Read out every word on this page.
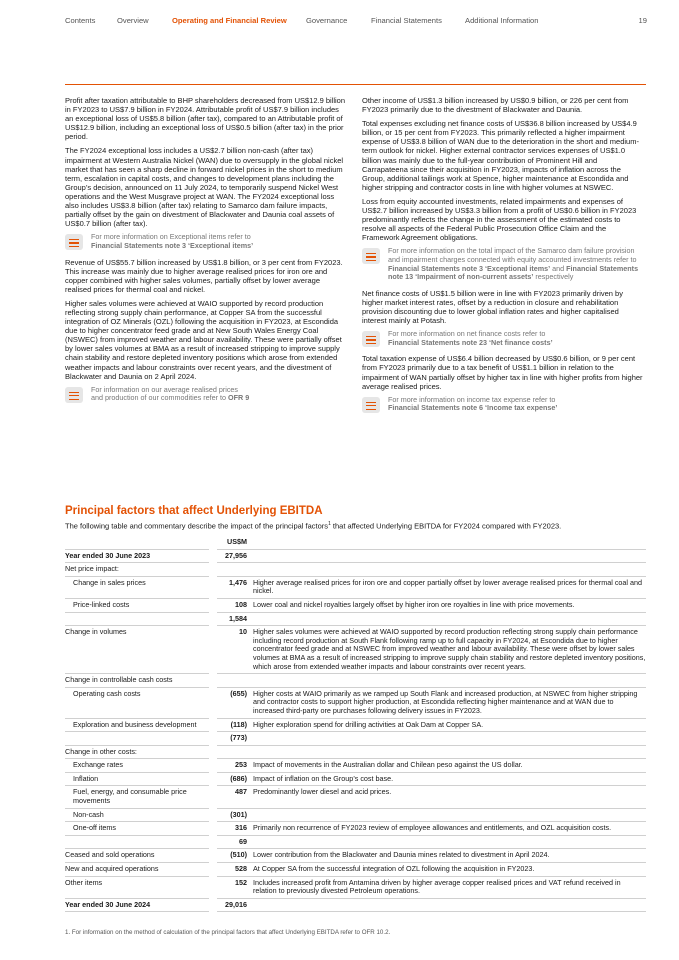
Contents	Overview	Operating and Financial Review	Governance	Financial Statements	Additional Information	19

Profit after taxation attributable to BHP shareholders decreased from US$12.9 billion in FY2023 to US$7.9 billion in FY2024. Attributable profit of US$7.9 billion includes an exceptional loss of US$5.8 billion (after tax), compared to an Attributable profit of US$12.9 billion, including an exceptional loss of US$0.5 billion (after tax) in the prior period.

The FY2024 exceptional loss includes a US$2.7 billion non-cash (after tax) impairment at Western Australia Nickel (WAN) due to oversupply in the global nickel market that has seen a sharp decline in forward nickel prices in the short to medium term, escalation in capital costs, and changes to development plans including the Group’s decision, announced on 11 July 2024, to temporarily suspend Nickel West operations and the West Musgrave project at WAN. The FY2024 exceptional loss also includes US$3.8 billion (after tax) relating to Samarco dam failure impacts, partially offset by the gain on divestment of Blackwater and Daunia coal assets of US$0.7 billion (after tax).

For more information on Exceptional items refer to
Financial Statements note 3 ‘Exceptional items’

Revenue of US$55.7 billion increased by US$1.8 billion, or 3 per cent from FY2023. This increase was mainly due to higher average realised prices for iron ore and copper combined with higher sales volumes, partially offset by lower average realised prices for thermal coal and nickel.

Higher sales volumes were achieved at WAIO supported by record production reflecting strong supply chain performance, at Copper SA from the successful integration of OZ Minerals (OZL) following the acquisition in FY2023, at Escondida due to higher concentrator feed grade and at New South Wales Energy Coal (NSWEC) from improved weather and labour availability. These were partially offset by lower sales volumes at BMA as a result of increased stripping to improve supply chain stability and restore depleted inventory positions which arose from extended weather impacts and labour constraints over recent years, and the divestment of Blackwater and Daunia on 2 April 2024.

For information on our average realised prices
and production of our commodities refer to OFR 9

Other income of US$1.3 billion increased by US$0.9 billion, or 226 per cent from FY2023 primarily due to the divestment of Blackwater and Daunia.

Total expenses excluding net finance costs of US$36.8 billion increased by US$4.9 billion, or 15 per cent from FY2023. This primarily reflected a higher impairment expense of US$3.8 billion of WAN due to the deterioration in the short and medium-term outlook for nickel. Higher external contractor services expenses of US$1.0 billion was mainly due to the full-year contribution of Prominent Hill and Carrapateena since their acquisition in FY2023, impacts of inflation across the Group, additional tailings work at Spence, higher maintenance at Escondida and higher stripping and contractor costs in line with higher volumes at NSWEC.

Loss from equity accounted investments, related impairments and expenses of US$2.7 billion increased by US$3.3 billion from a profit of US$0.6 billion in FY2023 predominantly reflects the change in the assessment of the estimated costs to resolve all aspects of the Federal Public Prosecution Office Claim and the Framework Agreement obligations.

For more information on the total impact of the Samarco dam failure provision and impairment charges connected with equity accounted investments refer to Financial Statements note 3 ‘Exceptional items’ and Financial Statements note 13 ‘Impairment of non-current assets’ respectively

Net finance costs of US$1.5 billion were in line with FY2023 primarily driven by higher market interest rates, offset by a reduction in closure and rehabilitation provision discounting due to lower global inflation rates and higher capitalised interest mainly at Potash.

For more information on net finance costs refer to
Financial Statements note 23 ‘Net finance costs’

Total taxation expense of US$6.4 billion decreased by US$0.6 billion, or 9 per cent from FY2023 primarily due to a tax benefit of US$1.1 billion in relation to the impairment of WAN partially offset by higher tax in line with higher profits from higher average realised prices.

For more information on income tax expense refer to
Financial Statements note 6 ‘Income tax expense’
Principal factors that affect Underlying EBITDA
The following table and commentary describe the impact of the principal factors$^1$ that affected Underlying EBITDA for FY2024 compared with FY2023.
	US$M	
Year ended 30 June 2023	27,956	
Net price impact:		
Change in sales prices	1,476	Higher average realised prices for iron ore and copper partially offset by lower average realised prices for thermal coal and nickel.
Price-linked costs	108	Lower coal and nickel royalties largely offset by higher iron ore royalties in line with price movements.
	1,584	
Change in volumes	10	Higher sales volumes were achieved at WAIO supported by record production reflecting strong supply chain performance including record production at South Flank following ramp up to full capacity in FY2024, at Escondida due to higher concentrator feed grade and at NSWEC from improved weather and labour availability. These were offset by lower sales volumes at BMA as a result of increased stripping to improve supply chain stability and restore depleted inventory positions, which arose from extended weather impacts and labour constraints over recent years.
Change in controllable cash costs		
Operating cash costs	(655)	Higher costs at WAIO primarily as we ramped up South Flank and increased production, at NSWEC from higher stripping and contractor costs to support higher production, at Escondida reflecting higher maintenance and at WAN due to increased third-party ore purchases following delivery issues in FY2023.
Exploration and business development	(118)	Higher exploration spend for drilling activities at Oak Dam at Copper SA.
	(773)	
Change in other costs:		
Exchange rates	253	Impact of movements in the Australian dollar and Chilean peso against the US dollar.
Inflation	(686)	Impact of inflation on the Group’s cost base.
Fuel, energy, and consumable price movements	487	Predominantly lower diesel and acid prices.
Non-cash	(301)	
One-off items	316	Primarily non recurrence of FY2023 review of employee allowances and entitlements, and OZL acquisition costs.
	69	
Ceased and sold operations	(510)	Lower contribution from the Blackwater and Daunia mines related to divestment in April 2024.
New and acquired operations	528	At Copper SA from the successful integration of OZL following the acquisition in FY2023.
Other items	152	Includes increased profit from Antamina driven by higher average copper realised prices and VAT refund received in relation to previously divested Petroleum operations.
Year ended 30 June 2024	29,016	
1. For information on the method of calculation of the principal factors that affect Underlying EBITDA refer to OFR 10.2.
